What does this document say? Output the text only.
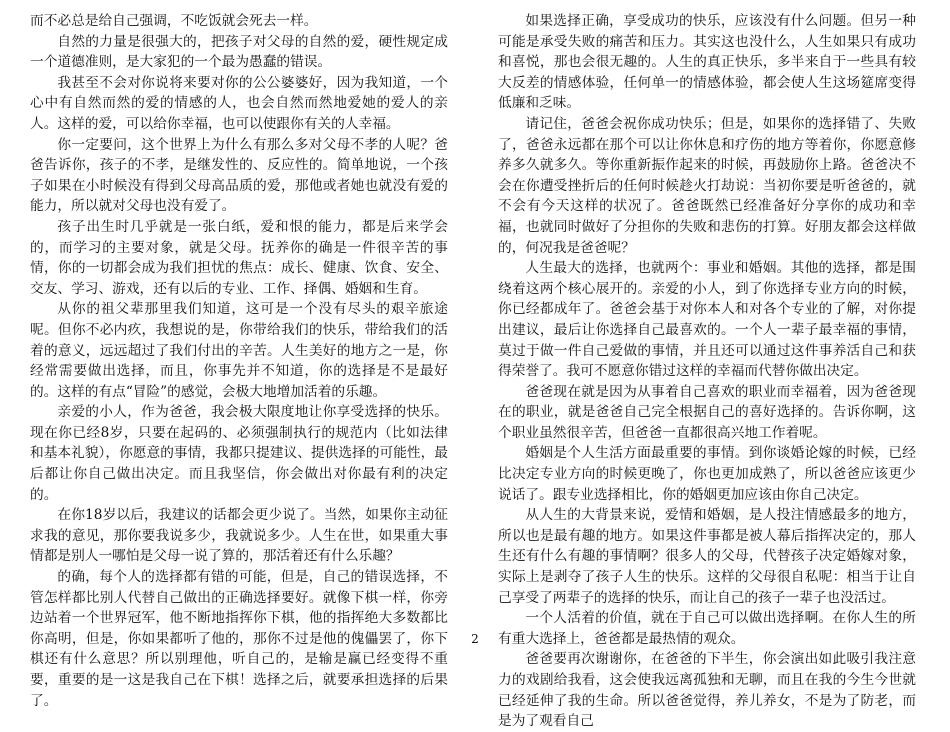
而不必总是给自己强调，不吃饭就会死去一样。

自然的力量是很强大的，把孩子对父母的自然的爱，硬性规定成一个道德准则，是大家犯的一个最为愚蠢的错误。

我甚至不会对你说将来要对你的公公婆婆好，因为我知道，一个心中有自然而然的爱的情感的人，也会自然而然地爱她的爱人的亲人。这样的爱，可以给你幸福，也可以使跟你有关的人幸福。

你一定要问，这个世界上为什么有那么多对父母不孝的人呢？爸爸告诉你，孩子的不孝，是继发性的、反应性的。简单地说，一个孩子如果在小时候没有得到父母高品质的爱，那他或者她也就没有爱的能力，所以就对父母也没有爱了。

孩子出生时几乎就是一张白纸，爱和恨的能力，都是后来学会的，而学习的主要对象，就是父母。抚养你的确是一件很辛苦的事情，你的一切都会成为我们担忧的焦点：成长、健康、饮食、安全、交友、学习、游戏，还有以后的专业、工作、择偶、婚姻和生育。

从你的祖父辈那里我们知道，这可是一个没有尽头的艰辛旅途呢。但你不必内疚，我想说的是，你带给我们的快乐，带给我们的活着的意义，远远超过了我们付出的辛苦。人生美好的地方之一是，你经常需要做出选择，而且，你事先并不知道，你的选择是不是最好的。这样的有点“冒险”的感觉，会极大地增加活着的乐趣。

亲爱的小人，作为爸爸，我会极大限度地让你享受选择的快乐。现在你已经8岁，只要在起码的、必须强制执行的规范内（比如法律和基本礼貌），你愿意的事情，我都只提建议、提供选择的可能性，最后都让你自己做出决定。而且我坚信，你会做出对你最有利的决定的。

在你18岁以后，我建议的话都会更少说了。当然，如果你主动征求我的意见，那你要我说多少，我就说多少。人生在世，如果重大事情都是别人一哪怕是父母一说了算的，那活着还有什么乐趣？

的确，每个人的选择都有错的可能，但是，自己的错误选择，不管怎样都比别人代替自己做出的正确选择要好。就像下棋一样，你旁边站着一个世界冠军，他不断地指挥你下棋，他的指挥绝大多数都比你高明，但是，你如果都听了他的，那你不过是他的傀儡罢了，你下棋还有什么意思？所以别理他，听自己的，是输是赢已经变得不重要，重要的是一这是我自己在下棋！选择之后，就要承担选择的后果了。

如果选择正确，享受成功的快乐，应该没有什么问题。但另一种可能是承受失败的痛苦和压力。其实这也没什么，人生如果只有成功和喜悦，那也会很无趣的。人生的真正快乐，多半来自于一些具有较大反差的情感体验，任何单一的情感体验，都会使人生这场筵席变得低廉和乏味。

请记住，爸爸会祝你成功快乐；但是，如果你的选择错了、失败了，爸爸永远都在那个可以让你休息和疗伤的地方等着你，你愿意修养多久就多久。等你重新振作起来的时候，再鼓励你上路。爸爸决不会在你遭受挫折后的任何时候趁火打劫说：当初你要是听爸爸的，就不会有今天这样的状况了。爸爸既然已经准备好分享你的成功和幸福，也就同时做好了分担你的失败和悲伤的打算。好朋友都会这样做的，何况我是爸爸呢？

人生最大的选择，也就两个：事业和婚姻。其他的选择，都是围绕着这两个核心展开的。亲爱的小人，到了你选择专业方向的时候，你已经都成年了。爸爸会基于对你本人和对各个专业的了解，对你提出建议，最后让你选择自己最喜欢的。一个人一辈子最幸福的事情，莫过于做一件自己爱做的事情，并且还可以通过这件事养活自己和获得荣誉了。我可不愿意你错过这样的幸福而代替你做出决定。

爸爸现在就是因为从事着自己喜欢的职业而幸福着，因为爸爸现在的职业，就是爸爸自己完全根据自己的喜好选择的。告诉你啊，这个职业虽然很辛苦，但爸爸一直都很高兴地工作着呢。

婚姻是个人生活方面最重要的事情。到你谈婚论嫁的时候，已经比决定专业方向的时候更晚了，你也更加成熟了，所以爸爸应该更少说话了。跟专业选择相比，你的婚姻更加应该由你自己决定。

从人生的大背景来说，爱情和婚姻，是人投注情感最多的地方，所以也是最有趣的地方。如果这件事都是被人幕后指挥决定的，那人生还有什么有趣的事情啊？很多人的父母，代替孩子决定婚嫁对象，实际上是剥夺了孩子人生的快乐。这样的父母很自私呢：相当于让自己享受了两辈子的选择的快乐，而让自己的孩子一辈子也没活过。

一个人活着的价值，就在于自己可以做出选择啊。在你人生的所有重大选择上，爸爸都是最热情的观众。

爸爸要再次谢谢你，在爸爸的下半生，你会演出如此吸引我注意力的戏剧给我看，这会使我远离孤独和无聊，而且在我的今生今世就已经延伸了我的生命。所以爸爸觉得，养儿养女，不是为了防老，而是为了观看自己

2
